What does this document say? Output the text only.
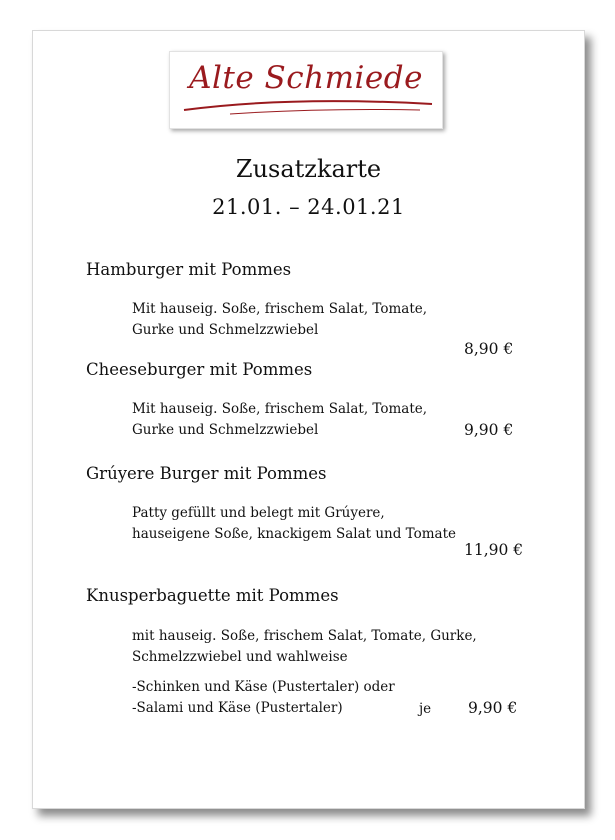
Alte Schmiede
Zusatzkarte
21.01. – 24.01.21
Hamburger mit Pommes
Mit hauseig. Soße, frischem Salat, Tomate,
Gurke und Schmelzzwiebel
8,90 €
Cheeseburger mit Pommes
Mit hauseig. Soße, frischem Salat, Tomate,
Gurke und Schmelzzwiebel	9,90 €
Grúyere Burger mit Pommes
Patty gefüllt und belegt mit Grúyere,
hauseigene Soße, knackigem Salat und Tomate
11,90 €
Knusperbaguette mit Pommes
mit hauseig. Soße, frischem Salat, Tomate, Gurke,
Schmelzzwiebel und wahlweise
-Schinken und Käse (Pustertaler) oder
-Salami und Käse (Pustertaler)	je 9,90 €
